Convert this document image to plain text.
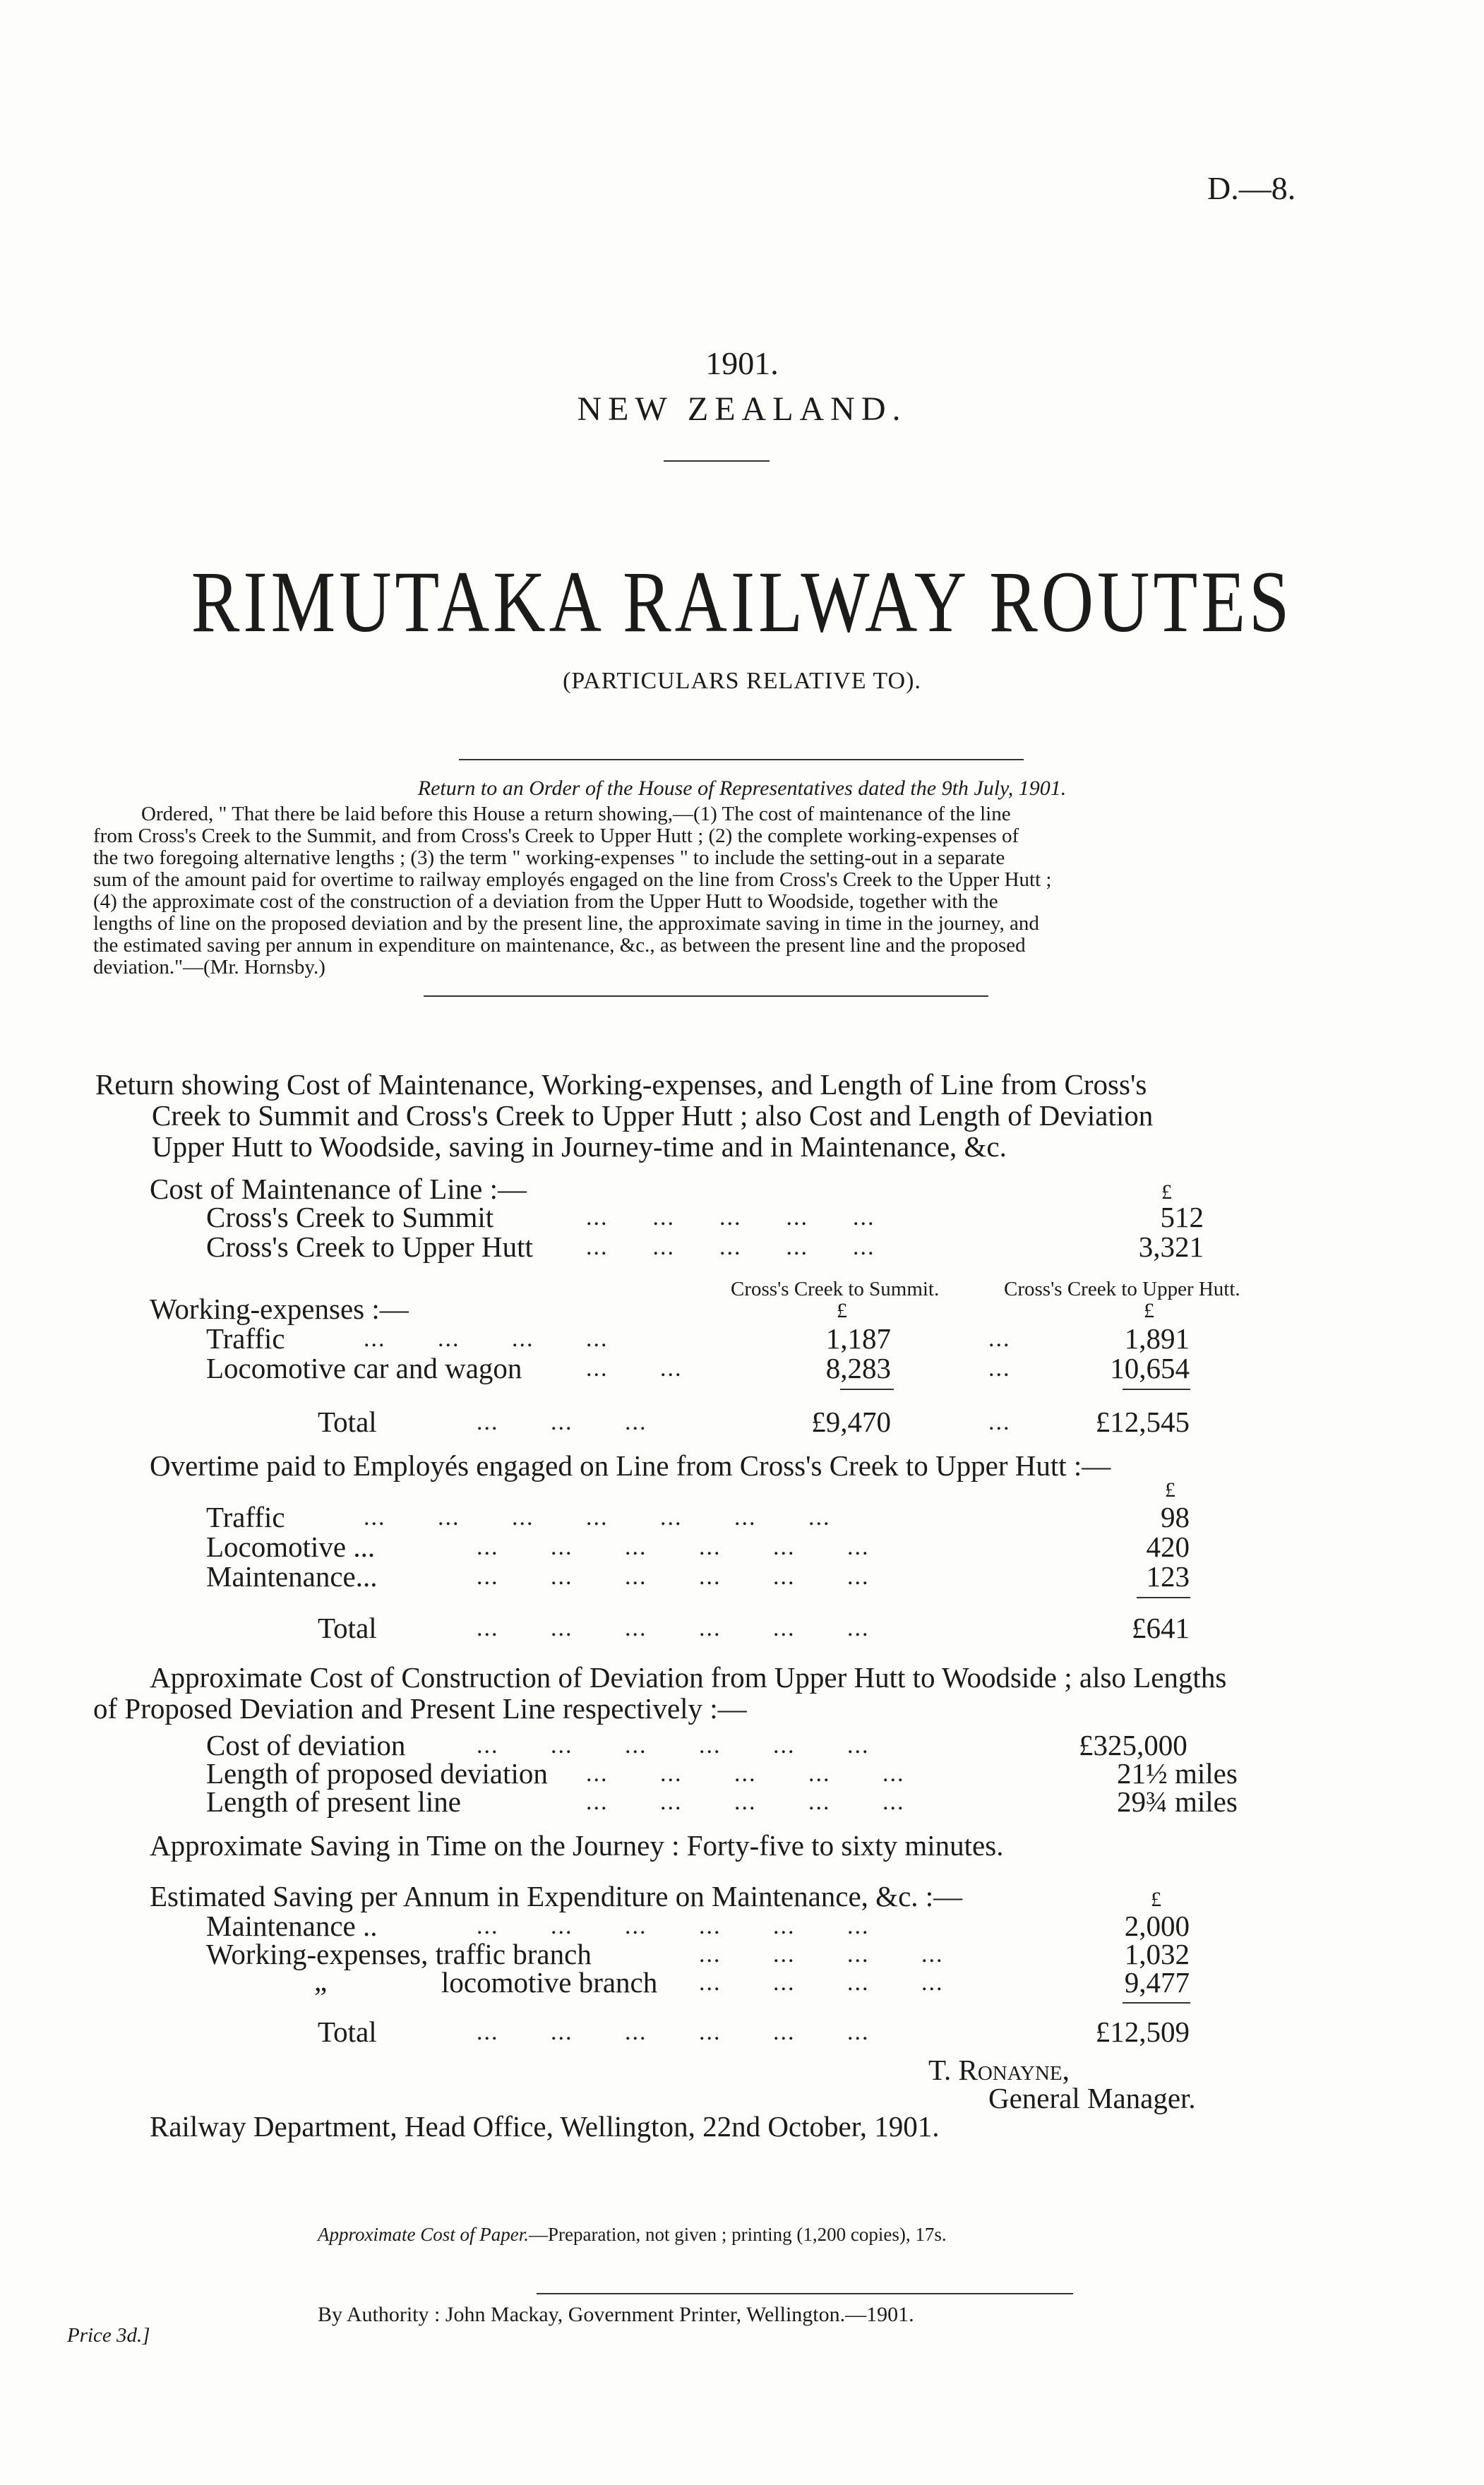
D.—8.
1901.
NEW ZEALAND.
RIMUTAKA RAILWAY ROUTES
(PARTICULARS RELATIVE TO).
Return to an Order of the House of Representatives dated the 9th July, 1901.
Ordered, " That there be laid before this House a return showing,—(1) The cost of maintenance of the line
from Cross's Creek to the Summit, and from Cross's Creek to Upper Hutt ; (2) the complete working-expenses of
the two foregoing alternative lengths ; (3) the term " working-expenses " to include the setting-out in a separate
sum of the amount paid for overtime to railway employés engaged on the line from Cross's Creek to the Upper Hutt ;
(4) the approximate cost of the construction of a deviation from the Upper Hutt to Woodside, together with the
lengths of line on the proposed deviation and by the present line, the approximate saving in time in the journey, and
the estimated saving per annum in expenditure on maintenance, &c., as between the present line and the proposed
deviation."—(Mr. Hornsby.)
Return showing Cost of Maintenance, Working-expenses, and Length of Line from Cross's
Creek to Summit and Cross's Creek to Upper Hutt ; also Cost and Length of Deviation
Upper Hutt to Woodside, saving in Journey-time and in Maintenance, &c.
Cost of Maintenance of Line :—	£
Cross's Creek to Summit	...      ...      ...      ...      ...	512
Cross's Creek to Upper Hutt ...      ...      ...      ...      ...	3,321
Cross's Creek to Summit.	Cross's Creek to Upper Hutt.
£	£
Working-expenses :—
Traffic	...       ...       ...       ...	1,187	...	1,891
Locomotive car and wagon	...       ...	8,283	...	10,654
Total	...       ...       ...	£9,470	...	£12,545
Overtime paid to Employés engaged on Line from Cross's Creek to Upper Hutt :—
£
Traffic	...       ...       ...       ...       ...       ...       ...	98
Locomotive ...	...       ...       ...       ...       ...       ...	420
Maintenance...	...       ...       ...       ...       ...       ...	123
Total	...       ...       ...       ...       ...       ...	£641
Approximate Cost of Construction of Deviation from Upper Hutt to Woodside ; also Lengths
of Proposed Deviation and Present Line respectively :—
Cost of deviation	...       ...       ...       ...       ...       ...	£325,000
Length of proposed deviation ...       ...       ...       ...       ...	21½ miles
Length of present line	...       ...       ...       ...       ...	29¾ miles
Approximate Saving in Time on the Journey : Forty-five to sixty minutes.
Estimated Saving per Annum in Expenditure on Maintenance, &c. :—	£
Maintenance ..	...       ...       ...       ...       ...       ...	2,000
Working-expenses, traffic branch	...       ...       ...       ...	1,032
„	locomotive branch ...       ...       ...       ...	9,477
Total	...       ...       ...       ...       ...       ...	£12,509
T. Ronayne,
General Manager.
Railway Department, Head Office, Wellington, 22nd October, 1901.
Approximate Cost of Paper.—Preparation, not given ; printing (1,200 copies), 17s.
By Authority : John Mackay, Government Printer, Wellington.—1901.
Price 3d.]
